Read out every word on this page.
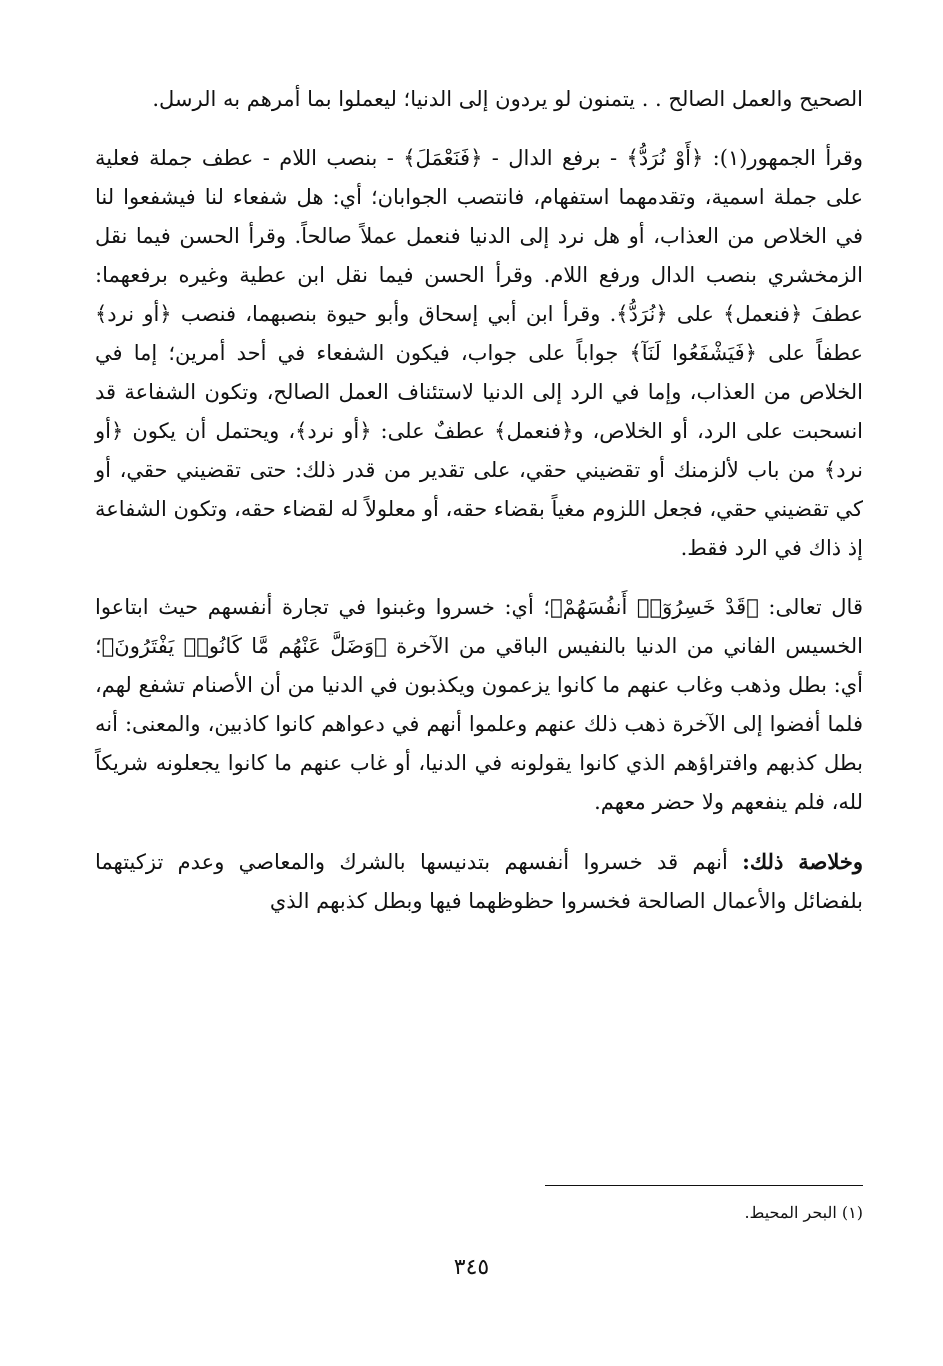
الصحيح والعمل الصالح . . يتمنون لو يردون إلى الدنيا؛ ليعملوا بما أمرهم به الرسل.

وقرأ الجمهور(١): ﴿أَوْ نُرَدُّ﴾ - برفع الدال - ﴿فَنَعْمَلَ﴾ - بنصب اللام - عطف جملة فعلية على جملة اسمية، وتقدمهما استفهام، فانتصب الجوابان؛ أي: هل شفعاء لنا فيشفعوا لنا في الخلاص من العذاب، أو هل نرد إلى الدنيا فنعمل عملاً صالحاً. وقرأ الحسن فيما نقل الزمخشري بنصب الدال ورفع اللام. وقرأ الحسن فيما نقل ابن عطية وغيره برفعهما: عطفَ ﴿فنعمل﴾ على ﴿نُرَدُّ﴾. وقرأ ابن أبي إسحاق وأبو حيوة بنصبهما، فنصب ﴿أو نرد﴾ عطفاً على ﴿فَيَشْفَعُوا لَنَآ﴾ جواباً على جواب، فيكون الشفعاء في أحد أمرين؛ إما في الخلاص من العذاب، وإما في الرد إلى الدنيا لاستئناف العمل الصالح، وتكون الشفاعة قد انسحبت على الرد، أو الخلاص، و﴿فنعمل﴾ عطفٌ على: ﴿أو نرد﴾، ويحتمل أن يكون ﴿أو نرد﴾ من باب لألزمنك أو تقضيني حقي، على تقدير من قدر ذلك: حتى تقضيني حقي، أو كي تقضيني حقي، فجعل اللزوم مغياً بقضاء حقه، أو معلولاً له لقضاء حقه، وتكون الشفاعة إذ ذاك في الرد فقط.

قال تعالى: ﴿قَدْ خَسِرُوٓا۟ أَنفُسَهُمْ﴾؛ أي: خسروا وغبنوا في تجارة أنفسهم حيث ابتاعوا الخسيس الفاني من الدنيا بالنفيس الباقي من الآخرة ﴿وَضَلَّ عَنْهُم مَّا كَانُوا۟ يَفْتَرُونَ﴾؛ أي: بطل وذهب وغاب عنهم ما كانوا يزعمون ويكذبون في الدنيا من أن الأصنام تشفع لهم، فلما أفضوا إلى الآخرة ذهب ذلك عنهم وعلموا أنهم في دعواهم كانوا كاذبين، والمعنى: أنه بطل كذبهم وافتراؤهم الذي كانوا يقولونه في الدنيا، أو غاب عنهم ما كانوا يجعلونه شريكاً لله، فلم ينفعهم ولا حضر معهم.

وخلاصة ذلك: أنهم قد خسروا أنفسهم بتدنيسها بالشرك والمعاصي وعدم تزكيتهما بلفضائل والأعمال الصالحة فخسروا حظوظهما فيها وبطل كذبهم الذي

(١) البحر المحيط.
٣٤٥
